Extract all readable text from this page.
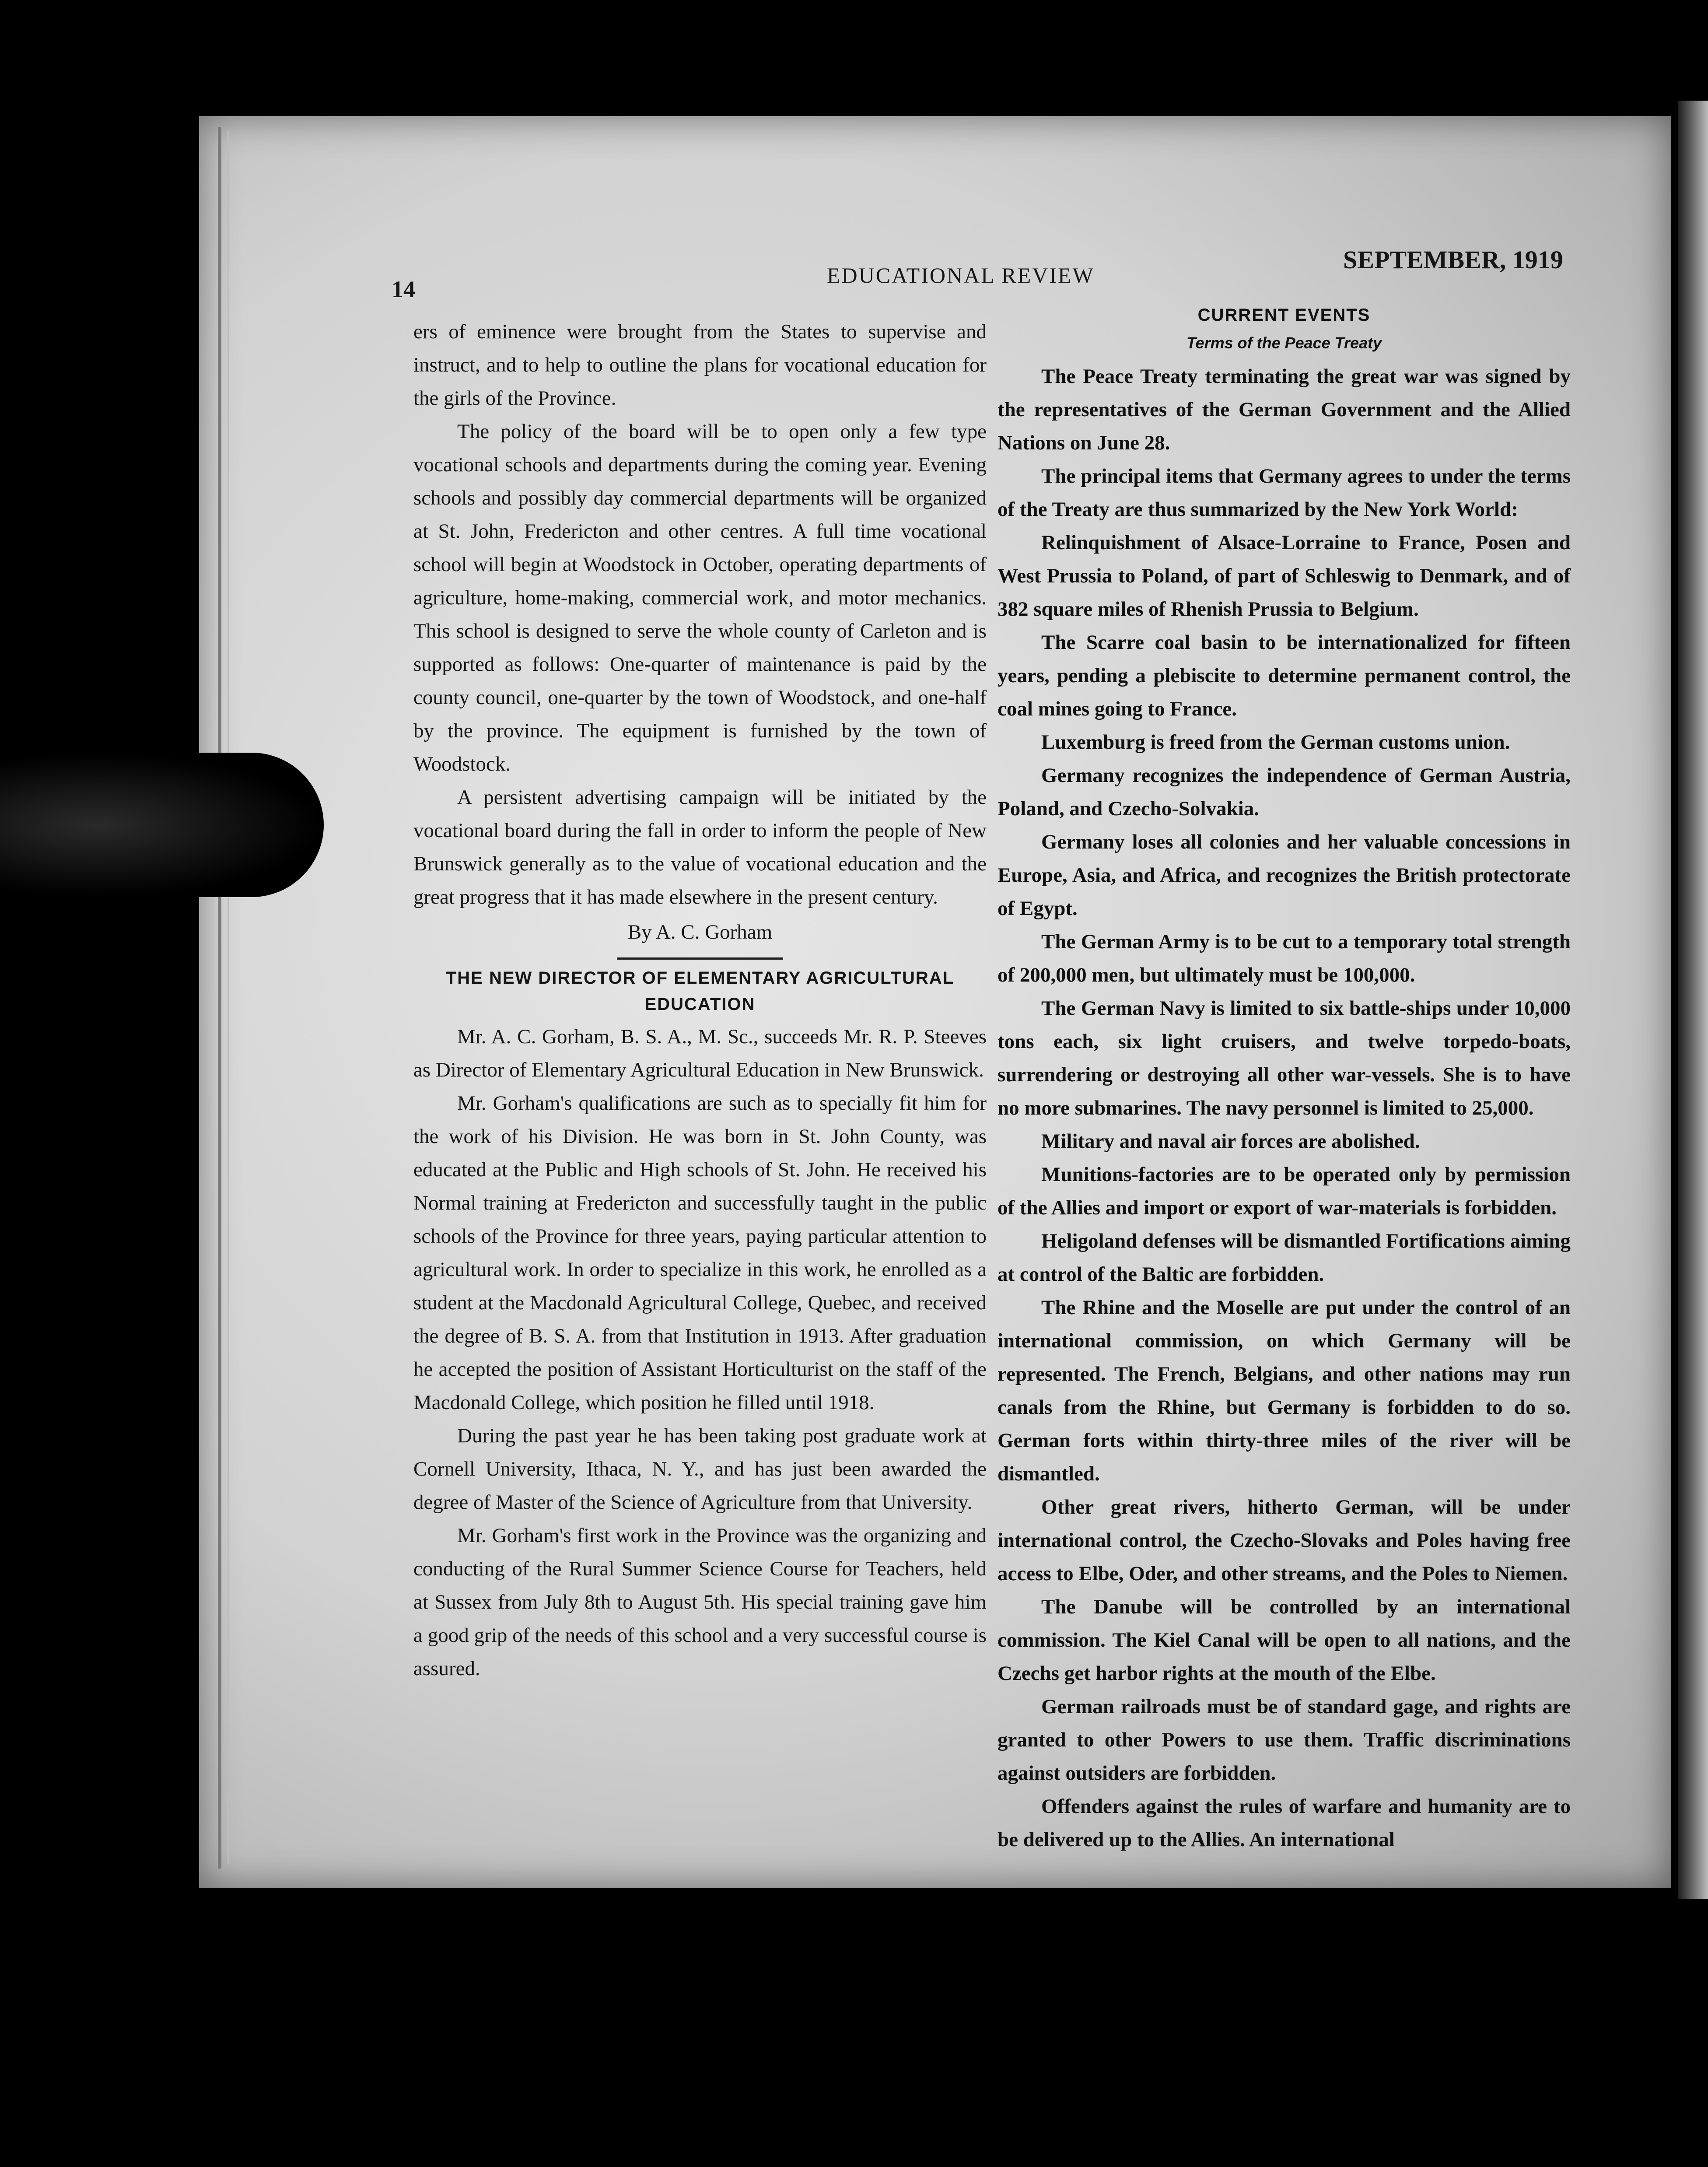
14

EDUCATIONAL REVIEW

SEPTEMBER, 1919

ers of eminence were brought from the States to supervise and instruct, and to help to outline the plans for vocational education for the girls of the Province.

The policy of the board will be to open only a few type vocational schools and departments during the coming year. Evening schools and possibly day commercial departments will be organized at St. John, Fredericton and other centres. A full time vocational school will begin at Woodstock in October, operating departments of agriculture, home-making, commercial work, and motor mechanics. This school is designed to serve the whole county of Carleton and is supported as follows: One-quarter of maintenance is paid by the county council, one-quarter by the town of Woodstock, and one-half by the province. The equipment is furnished by the town of Woodstock.

A persistent advertising campaign will be initiated by the vocational board during the fall in order to inform the people of New Brunswick generally as to the value of vocational education and the great progress that it has made elsewhere in the present century.

By A. C. Gorham

THE NEW DIRECTOR OF ELEMENTARY AGRICULTURAL EDUCATION

Mr. A. C. Gorham, B. S. A., M. Sc., succeeds Mr. R. P. Steeves as Director of Elementary Agricultural Education in New Brunswick.

Mr. Gorham's qualifications are such as to specially fit him for the work of his Division. He was born in St. John County, was educated at the Public and High schools of St. John. He received his Normal training at Fredericton and successfully taught in the public schools of the Province for three years, paying particular attention to agricultural work. In order to specialize in this work, he enrolled as a student at the Macdonald Agricultural College, Quebec, and received the degree of B. S. A. from that Institution in 1913. After graduation he accepted the position of Assistant Horticulturist on the staff of the Macdonald College, which position he filled until 1918.

During the past year he has been taking post graduate work at Cornell University, Ithaca, N. Y., and has just been awarded the degree of Master of the Science of Agriculture from that University.

Mr. Gorham's first work in the Province was the organizing and conducting of the Rural Summer Science Course for Teachers, held at Sussex from July 8th to August 5th. His special training gave him a good grip of the needs of this school and a very successful course is assured.

CURRENT EVENTS
Terms of the Peace Treaty

The Peace Treaty terminating the great war was signed by the representatives of the German Government and the Allied Nations on June 28.

The principal items that Germany agrees to under the terms of the Treaty are thus summarized by the New York World:

Relinquishment of Alsace-Lorraine to France, Posen and West Prussia to Poland, of part of Schleswig to Denmark, and of 382 square miles of Rhenish Prussia to Belgium.

The Scarre coal basin to be internationalized for fifteen years, pending a plebiscite to determine permanent control, the coal mines going to France.

Luxemburg is freed from the German customs union.

Germany recognizes the independence of German Austria, Poland, and Czecho-Solvakia.

Germany loses all colonies and her valuable concessions in Europe, Asia, and Africa, and recognizes the British protectorate of Egypt.

The German Army is to be cut to a temporary total strength of 200,000 men, but ultimately must be 100,000.

The German Navy is limited to six battle-ships under 10,000 tons each, six light cruisers, and twelve torpedo-boats, surrendering or destroying all other war-vessels. She is to have no more submarines. The navy personnel is limited to 25,000.

Military and naval air forces are abolished.

Munitions-factories are to be operated only by permission of the Allies and import or export of war-materials is forbidden.

Heligoland defenses will be dismantled Fortifications aiming at control of the Baltic are forbidden.

The Rhine and the Moselle are put under the control of an international commission, on which Germany will be represented. The French, Belgians, and other nations may run canals from the Rhine, but Germany is forbidden to do so. German forts within thirty-three miles of the river will be dismantled.

Other great rivers, hitherto German, will be under international control, the Czecho-Slovaks and Poles having free access to Elbe, Oder, and other streams, and the Poles to Niemen.

The Danube will be controlled by an international commission. The Kiel Canal will be open to all nations, and the Czechs get harbor rights at the mouth of the Elbe.

German railroads must be of standard gage, and rights are granted to other Powers to use them. Traffic discriminations against outsiders are forbidden.

Offenders against the rules of warfare and humanity are to be delivered up to the Allies. An international
